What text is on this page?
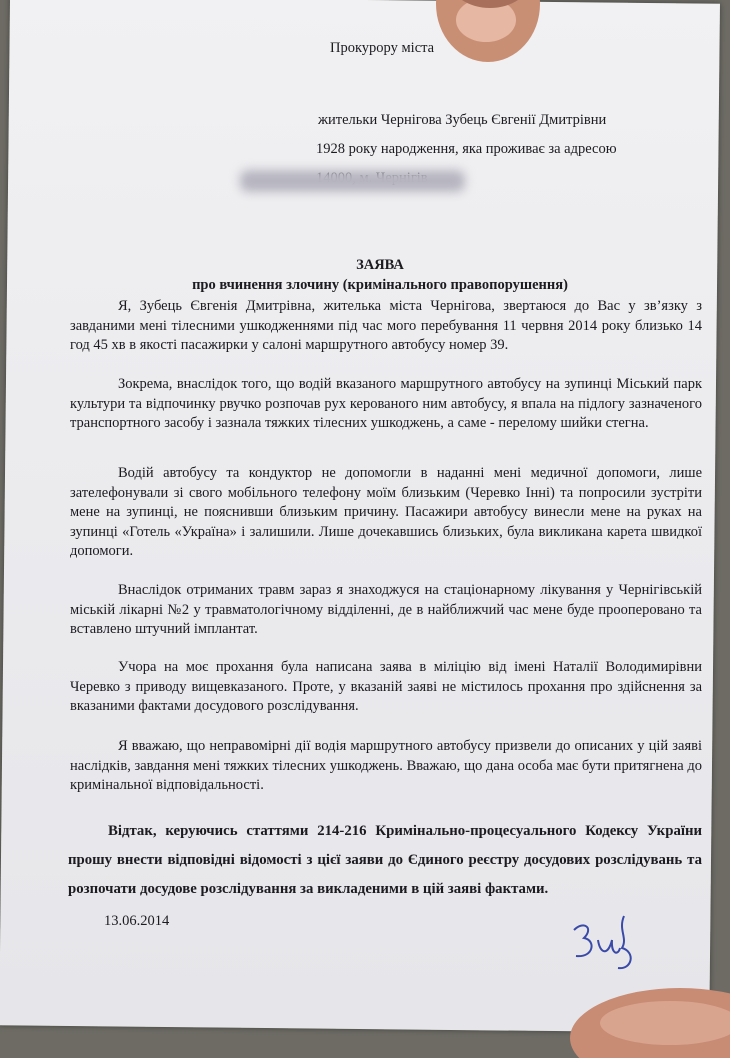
Прокурору міста
жительки Чернігова Зубець Євгенії Дмитрівни
1928 року народження, яка проживає за адресою
ЗАЯВА
про вчинення злочину (кримінального правопорушення)
Я, Зубець Євгенія Дмитрівна, жителька міста Чернігова, звертаюся до Вас у зв’язку з завданими мені тілесними ушкодженнями під час мого перебування 11 червня 2014 року близько 14 год 45 хв в якості пасажирки у салоні маршрутного автобусу номер 39.
Зокрема, внаслідок того, що водій вказаного маршрутного автобусу на зупинці Міський парк культури та відпочинку рвучко розпочав рух керованого ним автобусу, я впала на підлогу зазначеного транспортного засобу і зазнала тяжких тілесних ушкоджень, а саме - перелому шийки стегна.
Водій автобусу та кондуктор не допомогли в наданні мені медичної допомоги, лише зателефонували зі свого мобільного телефону моїм близьким (Черевко Інні) та попросили зустріти мене на зупинці, не пояснивши близьким причину. Пасажири автобусу винесли мене на руках на зупинці «Готель «Україна» і залишили. Лише дочекавшись близьких, була викликана карета швидкої допомоги.
Внаслідок отриманих травм зараз я знаходжуся на стаціонарному лікування у Чернігівській міській лікарні №2 у травматологічному відділенні, де в найближчий час мене буде прооперовано та вставлено штучний імплантат.
Учора на моє прохання була написана заява в міліцію від імені Наталії Володимирівни Черевко з приводу вищевказаного. Проте, у вказаній заяві не містилось прохання про здійснення за вказаними фактами досудового розслідування.
Я вважаю, що неправомірні дії водія маршрутного автобусу призвели до описаних у цій заяві наслідків, завдання мені тяжких тілесних ушкоджень. Вважаю, що дана особа має бути притягнена до кримінальної відповідальності.
Відтак, керуючись статтями 214-216 Кримінально-процесуального Кодексу України прошу внести відповідні відомості з цієї заяви до Єдиного реєстру досудових розслідувань та розпочати досудове розслідування за викладеними в цій заяві фактами.
13.06.2014
